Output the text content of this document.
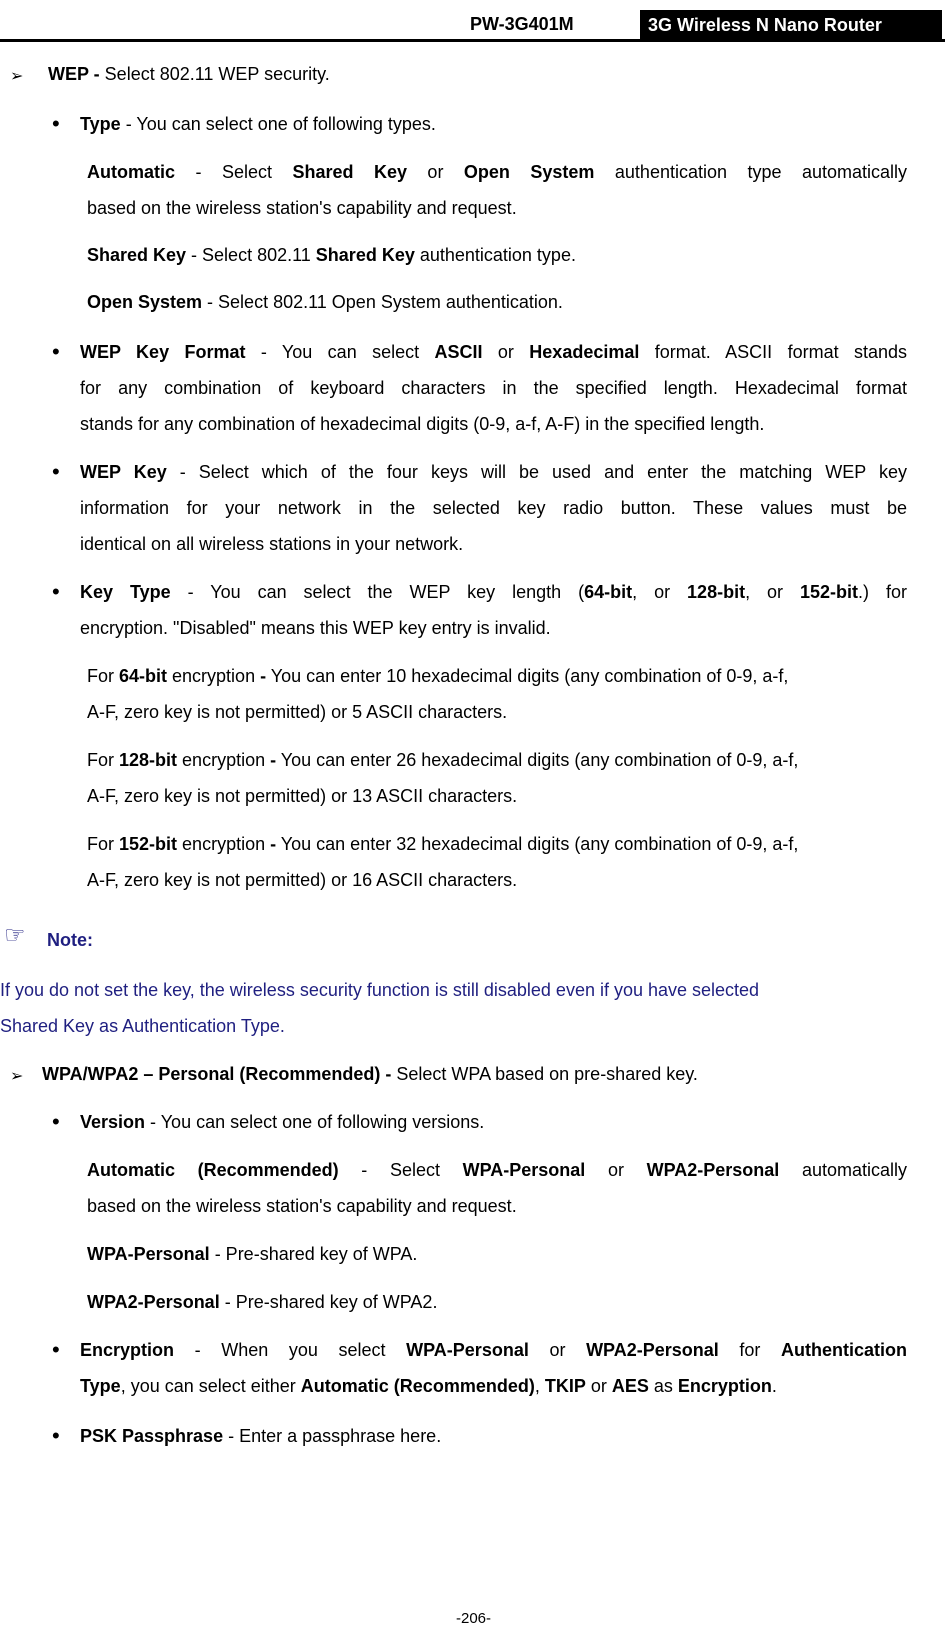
PW-3G401M	3G Wireless N Nano Router
➢ WEP - Select 802.11 WEP security.
• Type - You can select one of following types.
Automatic - Select Shared Key or Open System authentication type automatically
based on the wireless station's capability and request.
Shared Key - Select 802.11 Shared Key authentication type.
Open System - Select 802.11 Open System authentication.
• WEP Key Format - You can select ASCII or Hexadecimal format. ASCII format stands
for any combination of keyboard characters in the specified length. Hexadecimal format
stands for any combination of hexadecimal digits (0-9, a-f, A-F) in the specified length.
• WEP Key - Select which of the four keys will be used and enter the matching WEP key
information for your network in the selected key radio button. These values must be
identical on all wireless stations in your network.
• Key Type - You can select the WEP key length (64-bit, or 128-bit, or 152-bit.) for
encryption. "Disabled" means this WEP key entry is invalid.
For 64-bit encryption - You can enter 10 hexadecimal digits (any combination of 0-9, a-f,
A-F, zero key is not permitted) or 5 ASCII characters.
For 128-bit encryption - You can enter 26 hexadecimal digits (any combination of 0-9, a-f,
A-F, zero key is not permitted) or 13 ASCII characters.
For 152-bit encryption - You can enter 32 hexadecimal digits (any combination of 0-9, a-f,
A-F, zero key is not permitted) or 16 ASCII characters.
☞ Note:
If you do not set the key, the wireless security function is still disabled even if you have selected
Shared Key as Authentication Type.
➢ WPA/WPA2 – Personal (Recommended) - Select WPA based on pre-shared key.
• Version - You can select one of following versions.
Automatic (Recommended) - Select WPA-Personal or WPA2-Personal automatically
based on the wireless station's capability and request.
WPA-Personal - Pre-shared key of WPA.
WPA2-Personal - Pre-shared key of WPA2.
• Encryption - When you select WPA-Personal or WPA2-Personal for Authentication
Type, you can select either Automatic (Recommended), TKIP or AES as Encryption.
• PSK Passphrase - Enter a passphrase here.
-206-
